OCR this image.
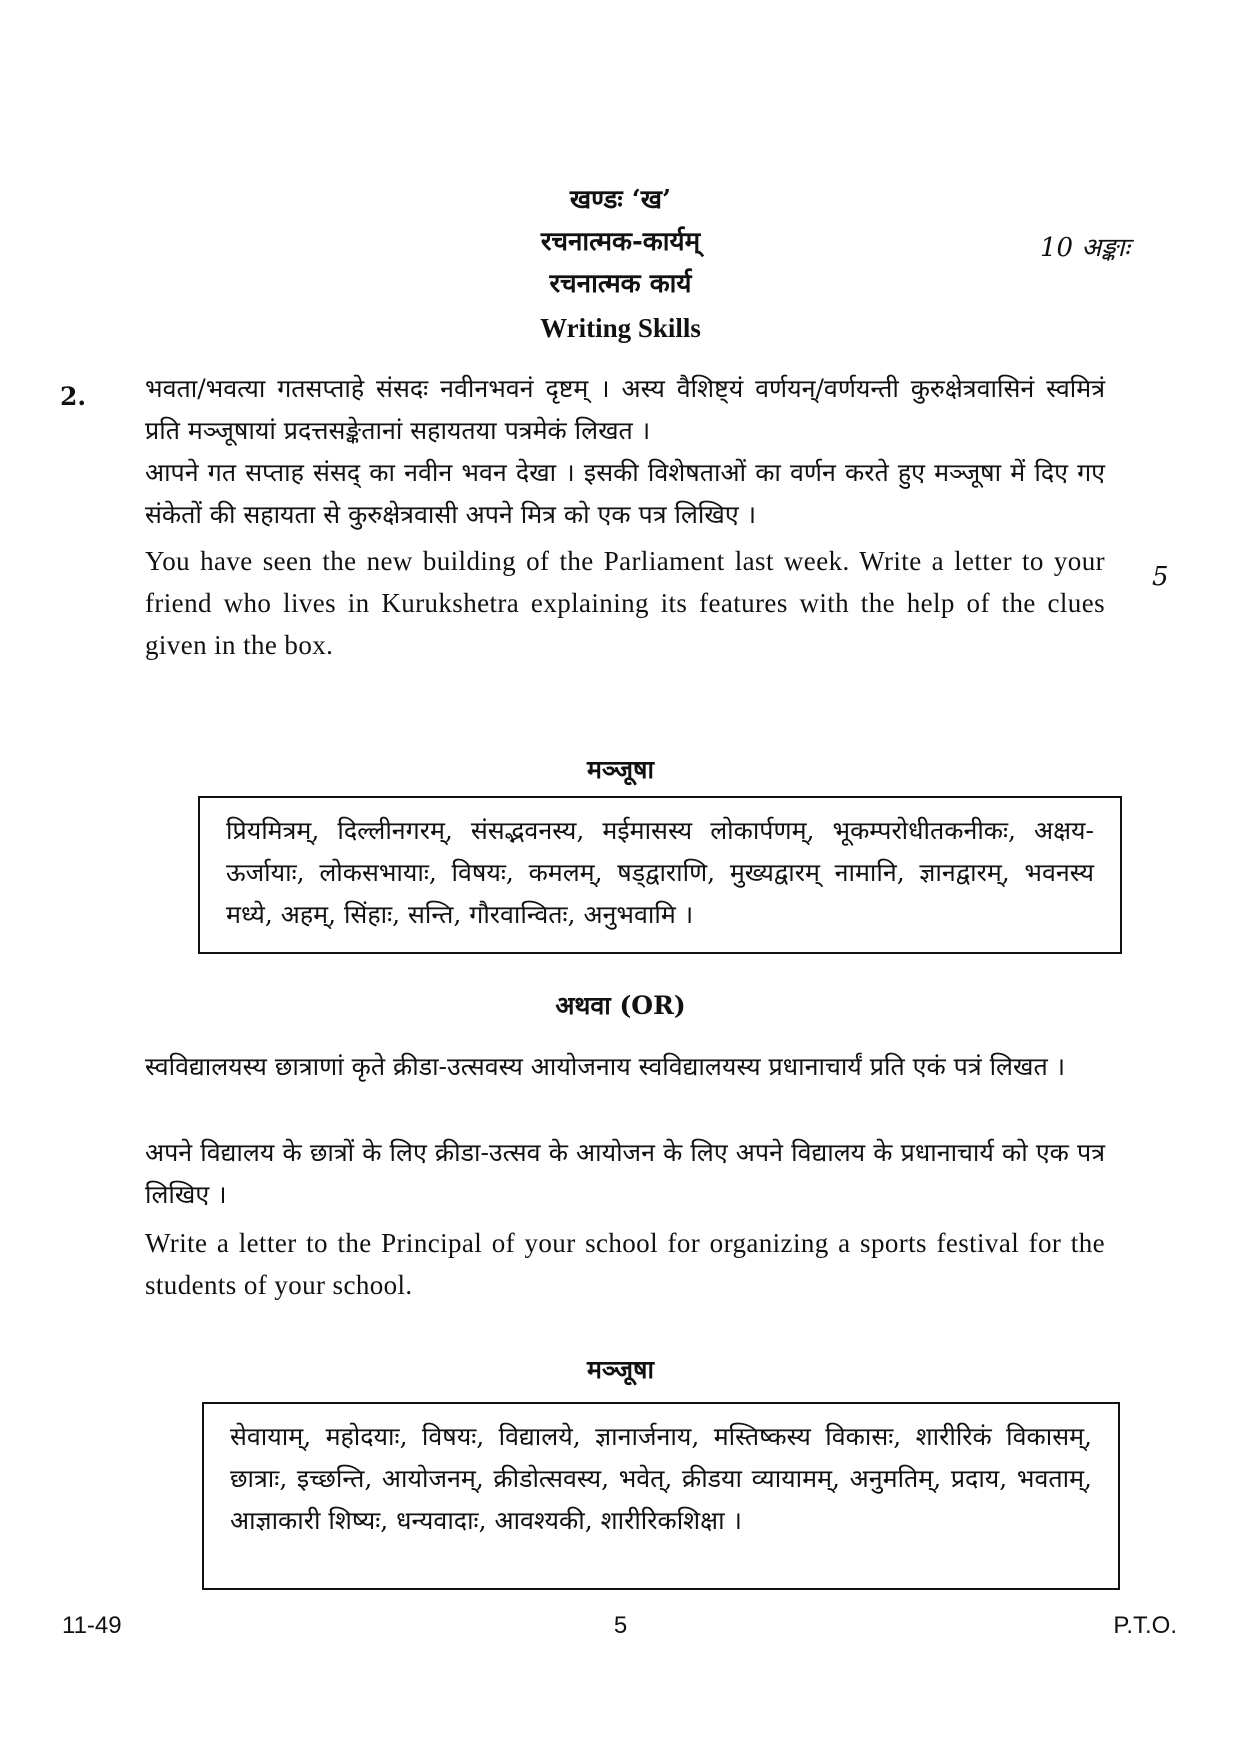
खण्डः ‘ख’
रचनात्मक-कार्यम्	10 अङ्काः
रचनात्मक कार्य
Writing Skills
2. भवता/भवत्या गतसप्ताहे संसदः नवीनभवनं दृष्टम् । अस्य वैशिष्ट्यं वर्णयन्/वर्णयन्ती कुरुक्षेत्रवासिनं स्वमित्रं प्रति मञ्जूषायां प्रदत्तसङ्केतानां सहायतया पत्रमेकं लिखत ।

आपने गत सप्ताह संसद् का नवीन भवन देखा । इसकी विशेषताओं का वर्णन करते हुए मञ्जूषा में दिए गए संकेतों की सहायता से कुरुक्षेत्रवासी अपने मित्र को एक पत्र लिखिए ।

5

You have seen the new building of the Parliament last week. Write a letter to your friend who lives in Kurukshetra explaining its features with the help of the clues given in the box.

मञ्जूषा
प्रियमित्रम्, दिल्लीनगरम्, संसद्भवनस्य, मईमासस्य लोकार्पणम्, भूकम्परोधीतकनीकः, अक्षय-ऊर्जायाः, लोकसभायाः, विषयः, कमलम्, षड्द्वाराणि, मुख्यद्वारम् नामानि, ज्ञानद्वारम्, भवनस्य मध्ये, अहम्, सिंहाः, सन्ति, गौरवान्वितः, अनुभवामि ।
अथवा (OR)

स्वविद्यालयस्य छात्राणां कृते क्रीडा-उत्सवस्य आयोजनाय स्वविद्यालयस्य प्रधानाचार्यं प्रति एकं पत्रं लिखत ।

अपने विद्यालय के छात्रों के लिए क्रीडा-उत्सव के आयोजन के लिए अपने विद्यालय के प्रधानाचार्य को एक पत्र लिखिए ।

Write a letter to the Principal of your school for organizing a sports festival for the students of your school.

मञ्जूषा
सेवायाम्, महोदयाः, विषयः, विद्यालये, ज्ञानार्जनाय, मस्तिष्कस्य विकासः, शारीरिकं विकासम्, छात्राः, इच्छन्ति, आयोजनम्, क्रीडोत्सवस्य, भवेत्, क्रीडया व्यायामम्, अनुमतिम्, प्रदाय, भवताम्, आज्ञाकारी शिष्यः, धन्यवादाः, आवश्यकी, शारीरिकशिक्षा ।
11-49	5	P.T.O.
